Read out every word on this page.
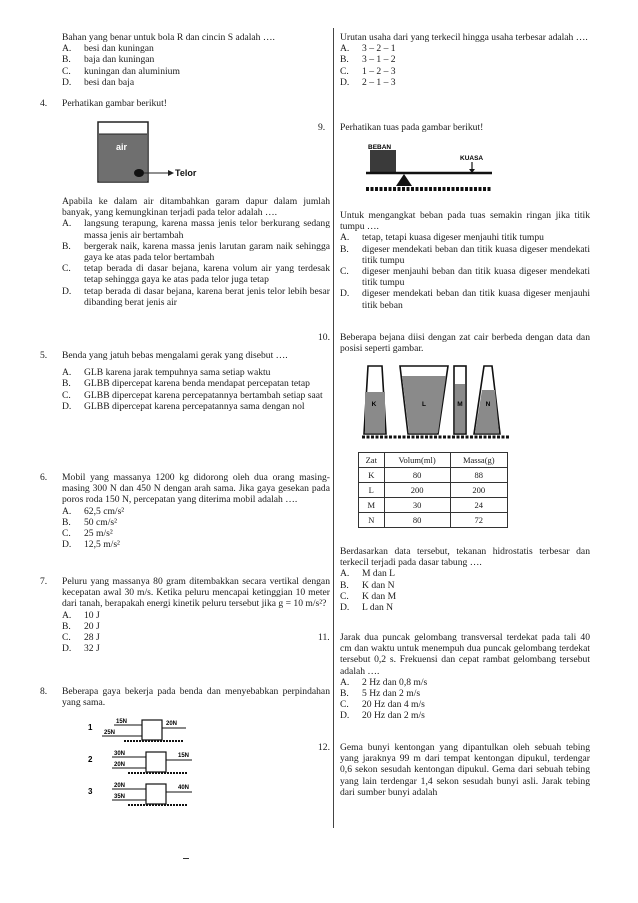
Bahan yang benar untuk bola R dan cincin S adalah ….
A. besi dan kuningan
B. baja dan kuningan
C. kuningan dan aluminium
D. besi dan baja
4. Perhatikan gambar berikut!
air
Telor
Apabila ke dalam air ditambahkan garam dapur dalam jumlah banyak, yang kemungkinan terjadi pada telor adalah ….
A. langsung terapung, karena massa jenis telor berkurang sedang massa jenis air bertambah
B. bergerak naik, karena massa jenis larutan garam naik sehingga gaya ke atas pada telor bertambah
C. tetap berada di dasar bejana, karena volum air yang terdesak tetap sehingga gaya ke atas pada telor juga tetap
D. tetap berada di dasar bejana, karena berat jenis telor lebih besar dibanding berat jenis air
5. Benda yang jatuh bebas mengalami gerak yang disebut ….
A. GLB karena jarak tempuhnya sama setiap waktu
B. GLBB dipercepat karena benda mendapat percepatan tetap
C. GLBB dipercepat karena percepatannya bertambah setiap saat
D. GLBB dipercepat karena percepatannya sama dengan nol
6. Mobil yang massanya 1200 kg didorong oleh dua orang masing-masing 300 N dan 450 N dengan arah sama. Jika gaya gesekan pada poros roda 150 N, percepatan yang diterima mobil adalah ….
A. 62,5 cm/s²
B. 50 cm/s²
C. 25 m/s²
D. 12,5 m/s²
7. Peluru yang massanya 80 gram ditembakkan secara vertikal dengan kecepatan awal 30 m/s. Ketika peluru mencapai ketinggian 10 meter dari tanah, berapakah energi kinetik peluru tersebut jika g = 10 m/s²?
A. 10 J
B. 20 J
C. 28 J
D. 32 J
8. Beberapa gaya bekerja pada benda dan menyebabkan perpindahan yang sama.
1
15N
25N
20N
2
30N
20N
15N
3
20N
35N
40N
Urutan usaha dari yang terkecil hingga usaha terbesar adalah ….
A. 3 – 2 – 1
B. 3 – 1 – 2
C. 1 – 2 – 3
D. 2 – 1 – 3
9. Perhatikan tuas pada gambar berikut!
BEBAN
KUASA
Untuk mengangkat beban pada tuas semakin ringan jika titik tumpu ….
A. tetap, tetapi kuasa digeser menjauhi titik tumpu
B. digeser mendekati beban dan titik kuasa digeser mendekati titik tumpu
C. digeser menjauhi beban dan titik kuasa digeser mendekati titik tumpu
D. digeser mendekati beban dan titik kuasa digeser menjauhi titik beban
10. Beberapa bejana diisi dengan zat cair berbeda dengan data dan posisi seperti gambar.
K	L	M	N
Zat	Volum(ml)	Massa(g)
K	80	88
L	200	200
M	30	24
N	80	72
Berdasarkan data tersebut, tekanan hidrostatis terbesar dan terkecil terjadi pada dasar tabung ….
A. M dan L
B. K dan N
C. K dan M
D. L dan N
11. Jarak dua puncak gelombang transversal terdekat pada tali 40 cm dan waktu untuk menempuh dua puncak gelombang terdekat tersebut 0,2 s. Frekuensi dan cepat rambat gelombang tersebut adalah ….
A. 2 Hz dan 0,8 m/s
B. 5 Hz dan 2 m/s
C. 20 Hz dan 4 m/s
D. 20 Hz dan 2 m/s
12. Gema bunyi kentongan yang dipantulkan oleh sebuah tebing yang jaraknya 99 m dari tempat kentongan dipukul, terdengar 0,6 sekon sesudah kentongan dipukul. Gema dari sebuah tebing yang lain terdengar 1,4 sekon sesudah bunyi asli. Jarak tebing dari sumber bunyi adalah
